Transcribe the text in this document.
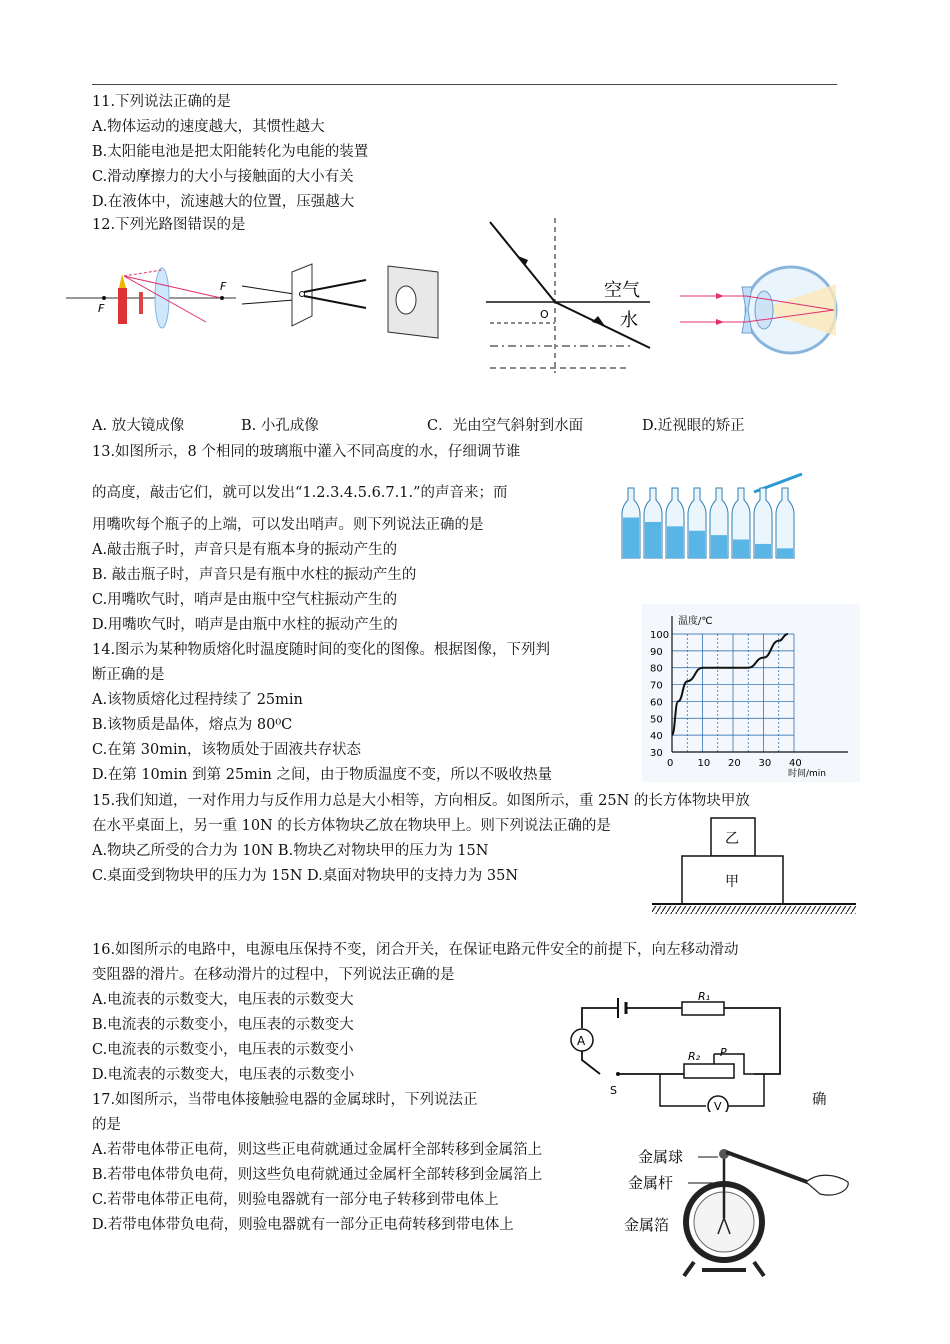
11.下列说法正确的是
A.物体运动的速度越大，其惯性越大
B.太阳能电池是把太阳能转化为电能的装置
C.滑动摩擦力的大小与接触面的大小有关
D.在液体中，流速越大的位置，压强越大
12.下列光路图错误的是
F
F
O
空气
水
A. 放大镜成像	B. 小孔成像	C．光由空气斜射到水面	D.近视眼的矫正
13.如图所示，8 个相同的玻璃瓶中灌入不同高度的水，仔细调节谁
的高度，敲击它们，就可以发出“1.2.3.4.5.6.7.1.”的声音来；而
用嘴吹每个瓶子的上端，可以发出哨声。则下列说法正确的是
A.敲击瓶子时，声音只是有瓶本身的振动产生的
B. 敲击瓶子时，声音只是有瓶中水柱的振动产生的
C.用嘴吹气时，哨声是由瓶中空气柱振动产生的
D.用嘴吹气时，哨声是由瓶中水柱的振动产生的
14.图示为某种物质熔化时温度随时间的变化的图像。根据图像，下列判
断正确的是
A.该物质熔化过程持续了 25min
B.该物质是晶体，熔点为 80⁰C
C.在第 30min，该物质处于固液共存状态
D.在第 10min 到第 25min 之间，由于物质温度不变，所以不吸收热量
0 10 20 30 40
100
90
80
70
60
50
40
30
温度/℃
时间/min
15.我们知道，一对作用力与反作用力总是大小相等，方向相反。如图所示，重 25N 的长方体物块甲放
在水平桌面上，另一重 10N 的长方体物块乙放在物块甲上。则下列说法正确的是
A.物块乙所受的合力为 10N B.物块乙对物块甲的压力为 15N
C.桌面受到物块甲的压力为 15N D.桌面对物块甲的支持力为 35N
乙
甲
16.如图所示的电路中，电源电压保持不变，闭合开关，在保证电路元件安全的前提下，向左移动滑动
变阻器的滑片。在移动滑片的过程中，下列说法正确的是
A.电流表的示数变大，电压表的示数变大
B.电流表的示数变小，电压表的示数变大
C.电流表的示数变小，电压表的示数变小
D.电流表的示数变大，电压表的示数变小
R₁
A
S
R₂ P
V
17.如图所示，当带电体接触验电器的金属球时，下列说法正	确
的是
A.若带电体带正电荷，则这些正电荷就通过金属杆全部转移到金属箔上
B.若带电体带负电荷，则这些负电荷就通过金属杆全部转移到金属箔上
C.若带电体带正电荷，则验电器就有一部分电子转移到带电体上
D.若带电体带负电荷，则验电器就有一部分正电荷转移到带电体上
金属球
金属杆
金属箔
